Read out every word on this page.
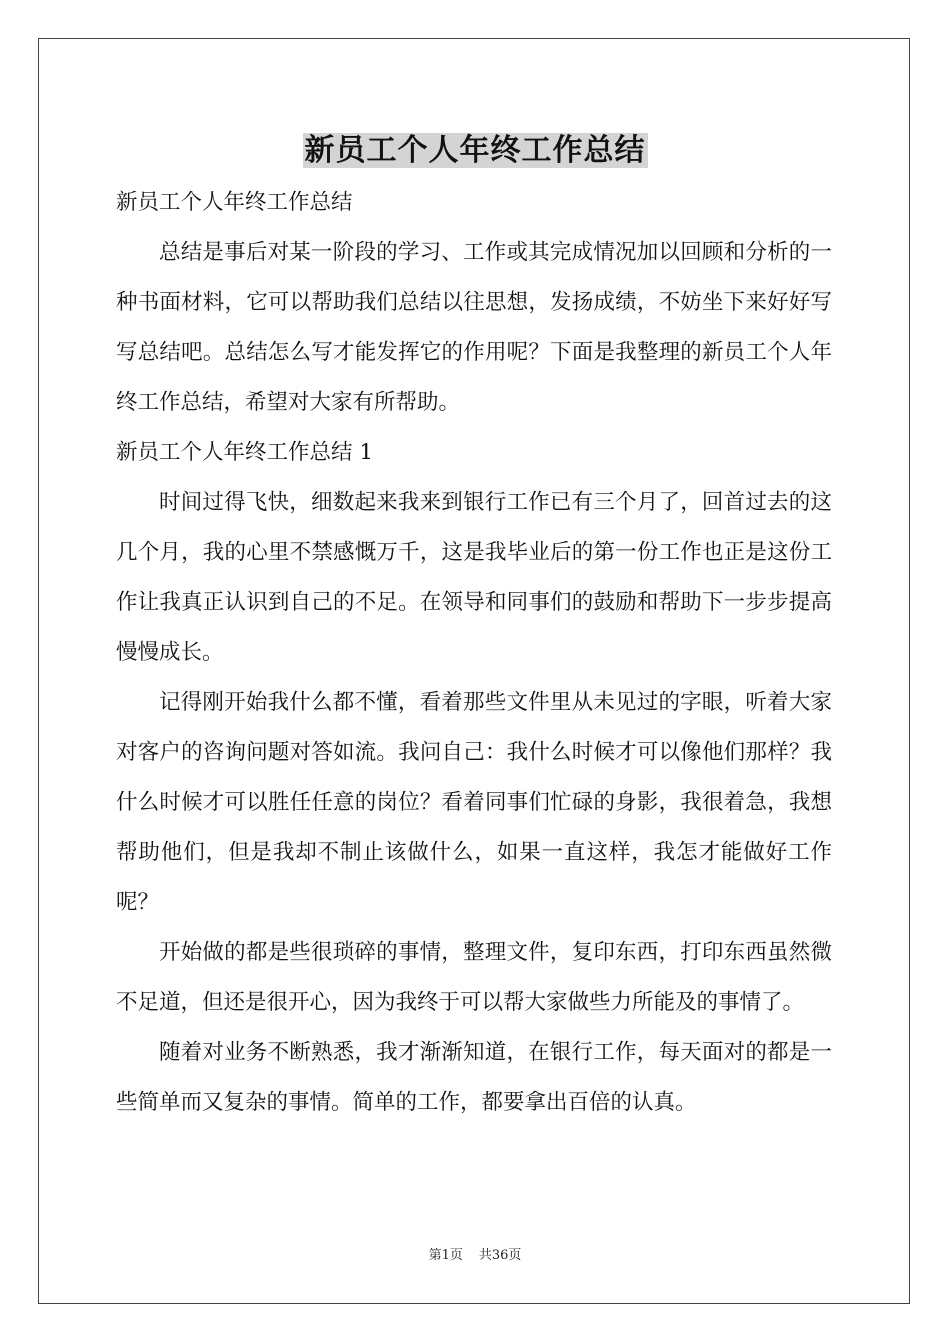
新员工个人年终工作总结

新员工个人年终工作总结

总结是事后对某一阶段的学习、工作或其完成情况加以回顾和分析的一种书面材料，它可以帮助我们总结以往思想，发扬成绩，不妨坐下来好好写写总结吧。总结怎么写才能发挥它的作用呢？下面是我整理的新员工个人年终工作总结，希望对大家有所帮助。

新员工个人年终工作总结 1

时间过得飞快，细数起来我来到银行工作已有三个月了，回首过去的这几个月，我的心里不禁感慨万千，这是我毕业后的第一份工作也正是这份工作让我真正认识到自己的不足。在领导和同事们的鼓励和帮助下一步步提高慢慢成长。

记得刚开始我什么都不懂，看着那些文件里从未见过的字眼，听着大家对客户的咨询问题对答如流。我问自己：我什么时候才可以像他们那样？我什么时候才可以胜任任意的岗位？看着同事们忙碌的身影，我很着急，我想帮助他们，但是我却不制止该做什么，如果一直这样，我怎才能做好工作呢？

开始做的都是些很琐碎的事情，整理文件，复印东西，打印东西虽然微不足道，但还是很开心，因为我终于可以帮大家做些力所能及的事情了。

随着对业务不断熟悉，我才渐渐知道，在银行工作，每天面对的都是一些简单而又复杂的事情。简单的工作，都要拿出百倍的认真。

第1页 共36页
